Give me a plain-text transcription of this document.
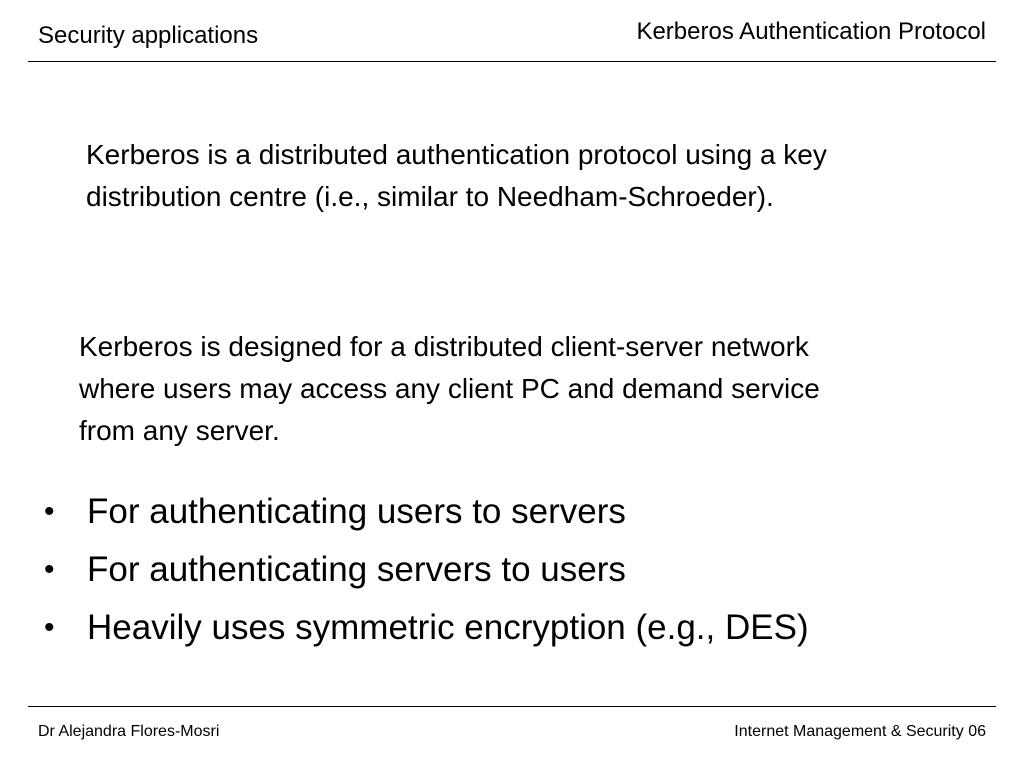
Security applications	Kerberos Authentication Protocol
Kerberos is a distributed authentication protocol using a key distribution centre (i.e., similar to Needham-Schroeder).
Kerberos is designed for a distributed client-server network where users may access any client PC and demand service from any server.
• For authenticating users to servers
• For authenticating servers to users
• Heavily uses symmetric encryption (e.g., DES)
Dr Alejandra Flores-Mosri	Internet Management & Security 06
